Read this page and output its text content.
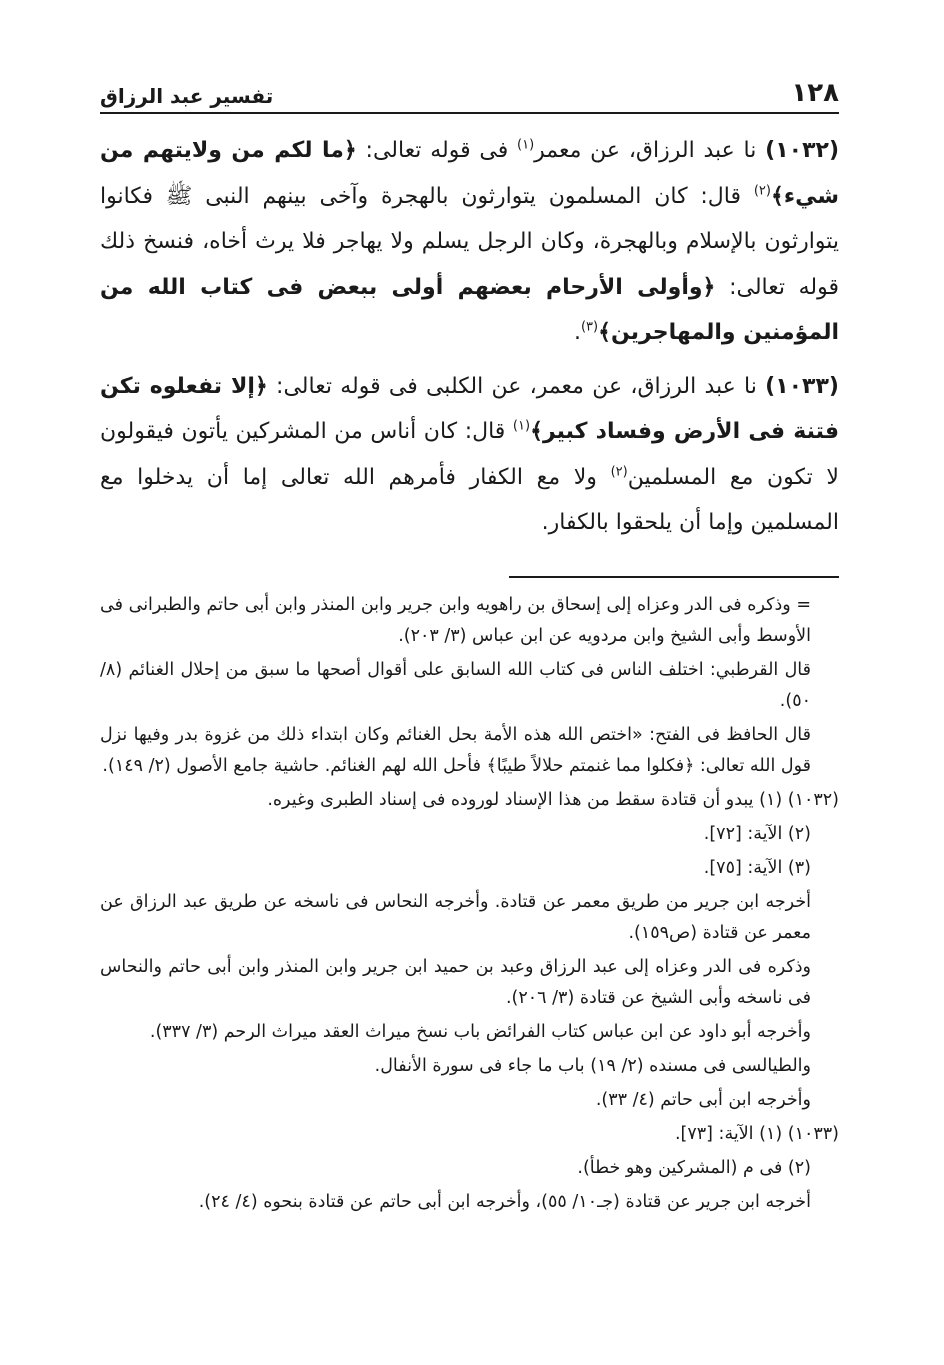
١٢٨
تفسير عبد الرزاق

(١٠٣٢) نا عبد الرزاق، عن معمر$^{(١)}$ فى قوله تعالى: ﴿ما لكم من ولايتهم من شيء﴾$^{(٢)}$ قال: كان المسلمون يتوارثون بالهجرة وآخى بينهم النبى ﷺ فكانوا يتوارثون بالإسلام وبالهجرة، وكان الرجل يسلم ولا يهاجر فلا يرث أخاه، فنسخ ذلك قوله تعالى: ﴿وأولى الأرحام بعضهم أولى ببعض فى كتاب الله من المؤمنين والمهاجرين﴾$^{(٣)}$.

(١٠٣٣) نا عبد الرزاق، عن معمر، عن الكلبى فى قوله تعالى: ﴿إلا تفعلوه تكن فتنة فى الأرض وفساد كبير﴾$^{(١)}$ قال: كان أناس من المشركين يأتون فيقولون لا تكون مع المسلمين$^{(٢)}$ ولا مع الكفار فأمرهم الله تعالى إما أن يدخلوا مع المسلمين وإما أن يلحقوا بالكفار.

= وذكره فى الدر وعزاه إلى إسحاق بن راهويه وابن جرير وابن المنذر وابن أبى حاتم والطبرانى فى الأوسط وأبى الشيخ وابن مردويه عن ابن عباس (٣/ ٢٠٣).

قال القرطبي: اختلف الناس فى كتاب الله السابق على أقوال أصحها ما سبق من إحلال الغنائم (٨/ ٥٠).

قال الحافظ فى الفتح: «اختص الله هذه الأمة بحل الغنائم وكان ابتداء ذلك من غزوة بدر وفيها نزل قول الله تعالى: ﴿فكلوا مما غنمتم حلالاً طيبًا﴾ فأحل الله لهم الغنائم. حاشية جامع الأصول (٢/ ١٤٩).

(١٠٣٢) (١) يبدو أن قتادة سقط من هذا الإسناد لوروده فى إسناد الطبرى وغيره.

(٢) الآية: [٧٢].

(٣) الآية: [٧٥].

أخرجه ابن جرير من طريق معمر عن قتادة. وأخرجه النحاس فى ناسخه عن طريق عبد الرزاق عن معمر عن قتادة (ص١٥٩).

وذكره فى الدر وعزاه إلى عبد الرزاق وعبد بن حميد ابن جرير وابن المنذر وابن أبى حاتم والنحاس فى ناسخه وأبى الشيخ عن قتادة (٣/ ٢٠٦).

وأخرجه أبو داود عن ابن عباس كتاب الفرائض باب نسخ ميراث العقد ميراث الرحم (٣/ ٣٣٧).

والطيالسى فى مسنده (٢/ ١٩) باب ما جاء فى سورة الأنفال.

وأخرجه ابن أبى حاتم (٤/ ٣٣).

(١٠٣٣) (١) الآية: [٧٣].

(٢) فى م (المشركين وهو خطأ).

أخرجه ابن جرير عن قتادة (جـ١٠/ ٥٥)، وأخرجه ابن أبى حاتم عن قتادة بنحوه (٤/ ٢٤).
